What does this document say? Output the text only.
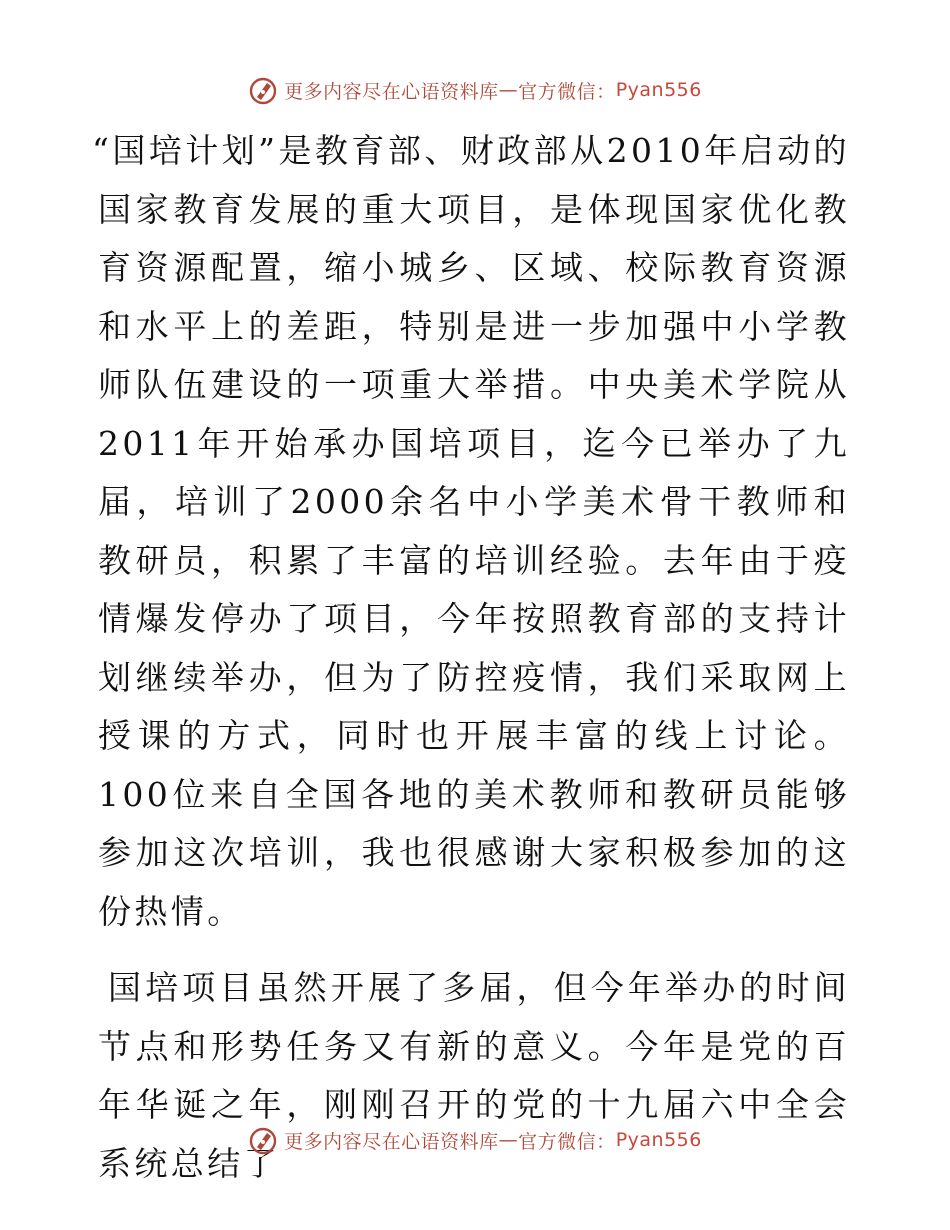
更多内容尽在心语资料库 — 官方微信： Pyan556

“国培计划”是教育部、财政部从2010年启动的国家教育发展的重大项目，是体现国家优化教育资源配置，缩小城乡、区域、校际教育资源和水平上的差距，特别是进一步加强中小学教师队伍建设的一项重大举措。中央美术学院从2011年开始承办国培项目，迄今已举办了九届，培训了2000余名中小学美术骨干教师和教研员，积累了丰富的培训经验。去年由于疫情爆发停办了项目，今年按照教育部的支持计划继续举办，但为了防控疫情，我们采取网上授课的方式，同时也开展丰富的线上讨论。100位来自全国各地的美术教师和教研员能够参加这次培训，我也很感谢大家积极参加的这份热情。

国培项目虽然开展了多届，但今年举办的时间节点和形势任务又有新的意义。今年是党的百年华诞之年，刚刚召开的党的十九届六中全会系统总结了

更多内容尽在心语资料库 — 官方微信： Pyan556
